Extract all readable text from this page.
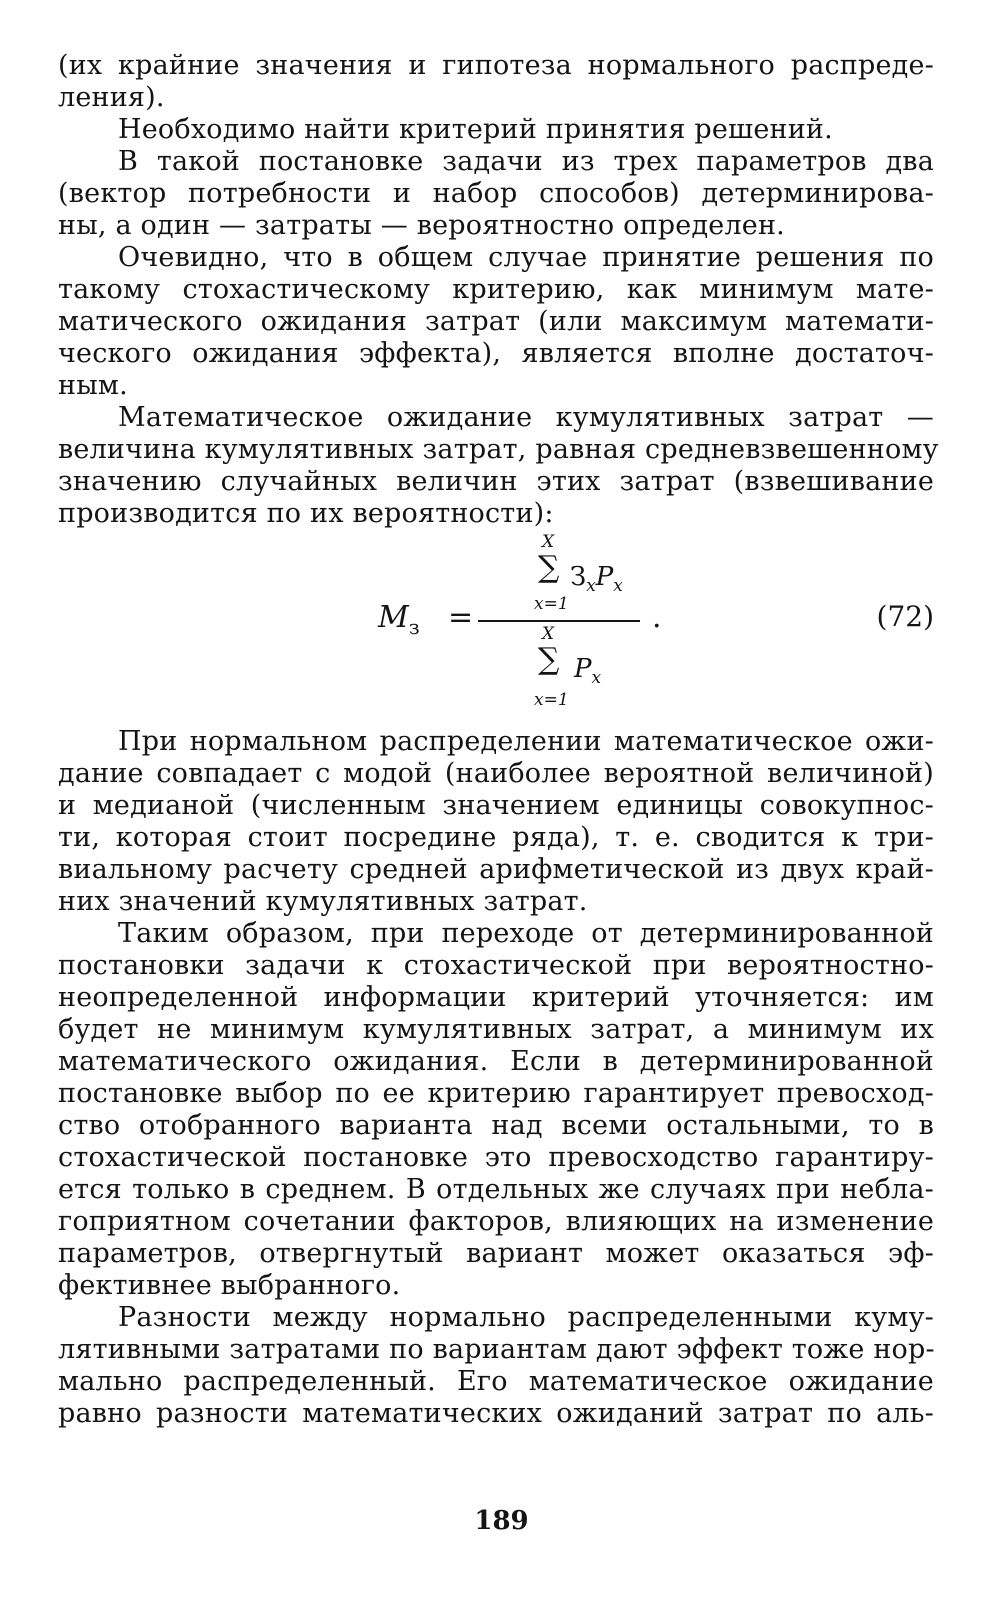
(их крайние значения и гипотеза нормального распреде-
ления).
Необходимо найти критерий принятия решений.
В такой постановке задачи из трех параметров два
(вектор потребности и набор способов) детерминирова-
ны, а один — затраты — вероятностно определен.
Очевидно, что в общем случае принятие решения по
такому стохастическому критерию, как минимум мате-
матического ожидания затрат (или максимум математи-
ческого ожидания эффекта), является вполне достаточ-
ным.
Математическое ожидание кумулятивных затрат —
величина кумулятивных затрат, равная средневзвешенному
значению случайных величин этих затрат (взвешивание
производится по их вероятности):
$M_з$ =
X
∑
x=1
$З_xP_x$
X
∑
x=1
$P_x$
.	(72)
При нормальном распределении математическое ожи-
дание совпадает с модой (наиболее вероятной величиной)
и медианой (численным значением единицы совокупнос-
ти, которая стоит посредине ряда), т. е. сводится к три-
виальному расчету средней арифметической из двух край-
них значений кумулятивных затрат.
Таким образом, при переходе от детерминированной
постановки задачи к стохастической при вероятностно-
неопределенной информации критерий уточняется: им
будет не минимум кумулятивных затрат, а минимум их
математического ожидания. Если в детерминированной
постановке выбор по ее критерию гарантирует превосход-
ство отобранного варианта над всеми остальными, то в
стохастической постановке это превосходство гарантиру-
ется только в среднем. В отдельных же случаях при небла-
гоприятном сочетании факторов, влияющих на изменение
параметров, отвергнутый вариант может оказаться эф-
фективнее выбранного.
Разности между нормально распределенными куму-
лятивными затратами по вариантам дают эффект тоже нор-
мально распределенный. Его математическое ожидание
равно разности математических ожиданий затрат по аль-
189
